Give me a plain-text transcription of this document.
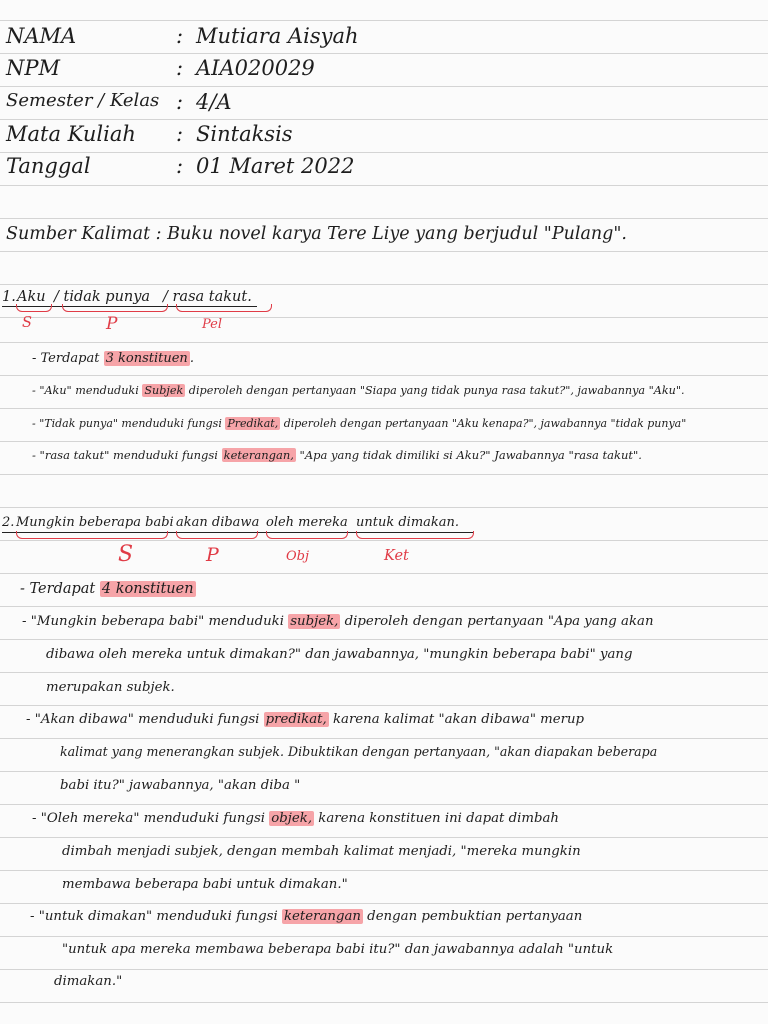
NAMA	: Mutiara Aisyah
NPM	: AIA020029
Semester / Kelas : 4/A
Mata Kuliah : Sintaksis
Tanggal	: 01 Maret 2022
Sumber Kalimat : Buku novel karya Tere Liye yang berjudul "Pulang".
1. Aku / tidak punya / rasa takut.
S	P	Pel
- Terdapat 3 konstituen .
- "Aku" menduduki Subjek diperoleh dengan pertanyaan "Siapa yang tidak punya rasa takut?", jawabannya "Aku".
- "Tidak punya" menduduki fungsi Predikat, diperoleh dengan pertanyaan "Aku kenapa?", jawabannya "tidak punya"
- "rasa takut" menduduki fungsi keterangan, "Apa yang tidak dimiliki si Aku?" Jawabannya "rasa takut".
2. Mungkin beberapa babi akan dibawa oleh mereka untuk dimakan.
S	P	Obj	Ket
- Terdapat 4 konstituen
- "Mungkin beberapa babi" menduduki subjek, diperoleh dengan pertanyaan "Apa yang akan
dibawa oleh mereka untuk dimakan?" dan jawabannya, "mungkin beberapa babi" yang
merupakan subjek.
- "Akan dibawa" menduduki fungsi predikat, karena kalimat "akan dibawa" merup
kalimat yang menerangkan subjek. Dibuktikan dengan pertanyaan, "akan diapakan beberapa
babi itu?" jawabannya, "akan diba "
- "Oleh mereka" menduduki fungsi objek, karena konstituen ini dapat dimbah
dimbah menjadi subjek, dengan membah kalimat menjadi, "mereka mungkin
membawa beberapa babi untuk dimakan."
- "untuk dimakan" menduduki fungsi keterangan dengan pembuktian pertanyaan
"untuk apa mereka membawa beberapa babi itu?" dan jawabannya adalah "untuk
dimakan."
